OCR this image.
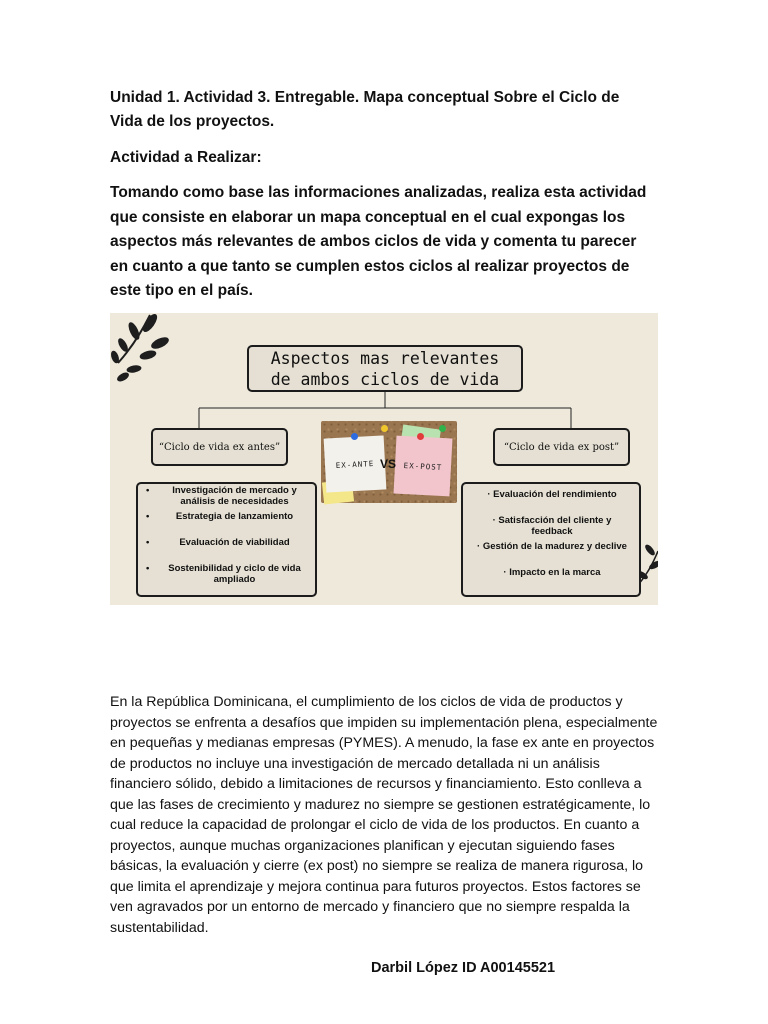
Unidad 1. Actividad 3. Entregable. Mapa conceptual Sobre el Ciclo de Vida de los proyectos.
Actividad a Realizar:
Tomando como base las informaciones analizadas, realiza esta actividad que consiste en elaborar un mapa conceptual en el cual expongas los aspectos más relevantes de ambos ciclos de vida y comenta tu parecer en cuanto a que tanto se cumplen estos ciclos al realizar proyectos de este tipo en el país.
Aspectos mas relevantes
de ambos ciclos de vida
“Ciclo de vida ex antes”	“Ciclo de vida ex post”
EX-ANTE	EX-POST
VS
•	Investigación de mercado y análisis de necesidades
•	Estrategia de lanzamiento
•	Evaluación de viabilidad
•	Sostenibilidad y ciclo de vida ampliado
· Evaluación del rendimiento
· Satisfacción del cliente y feedback
· Gestión de la madurez y declive
· Impacto en la marca
En la República Dominicana, el cumplimiento de los ciclos de vida de productos y proyectos se enfrenta a desafíos que impiden su implementación plena, especialmente en pequeñas y medianas empresas (PYMES). A menudo, la fase ex ante en proyectos de productos no incluye una investigación de mercado detallada ni un análisis financiero sólido, debido a limitaciones de recursos y financiamiento. Esto conlleva a que las fases de crecimiento y madurez no siempre se gestionen estratégicamente, lo cual reduce la capacidad de prolongar el ciclo de vida de los productos. En cuanto a proyectos, aunque muchas organizaciones planifican y ejecutan siguiendo fases básicas, la evaluación y cierre (ex post) no siempre se realiza de manera rigurosa, lo que limita el aprendizaje y mejora continua para futuros proyectos. Estos factores se ven agravados por un entorno de mercado y financiero que no siempre respalda la sustentabilidad.
Darbil López ID A00145521
